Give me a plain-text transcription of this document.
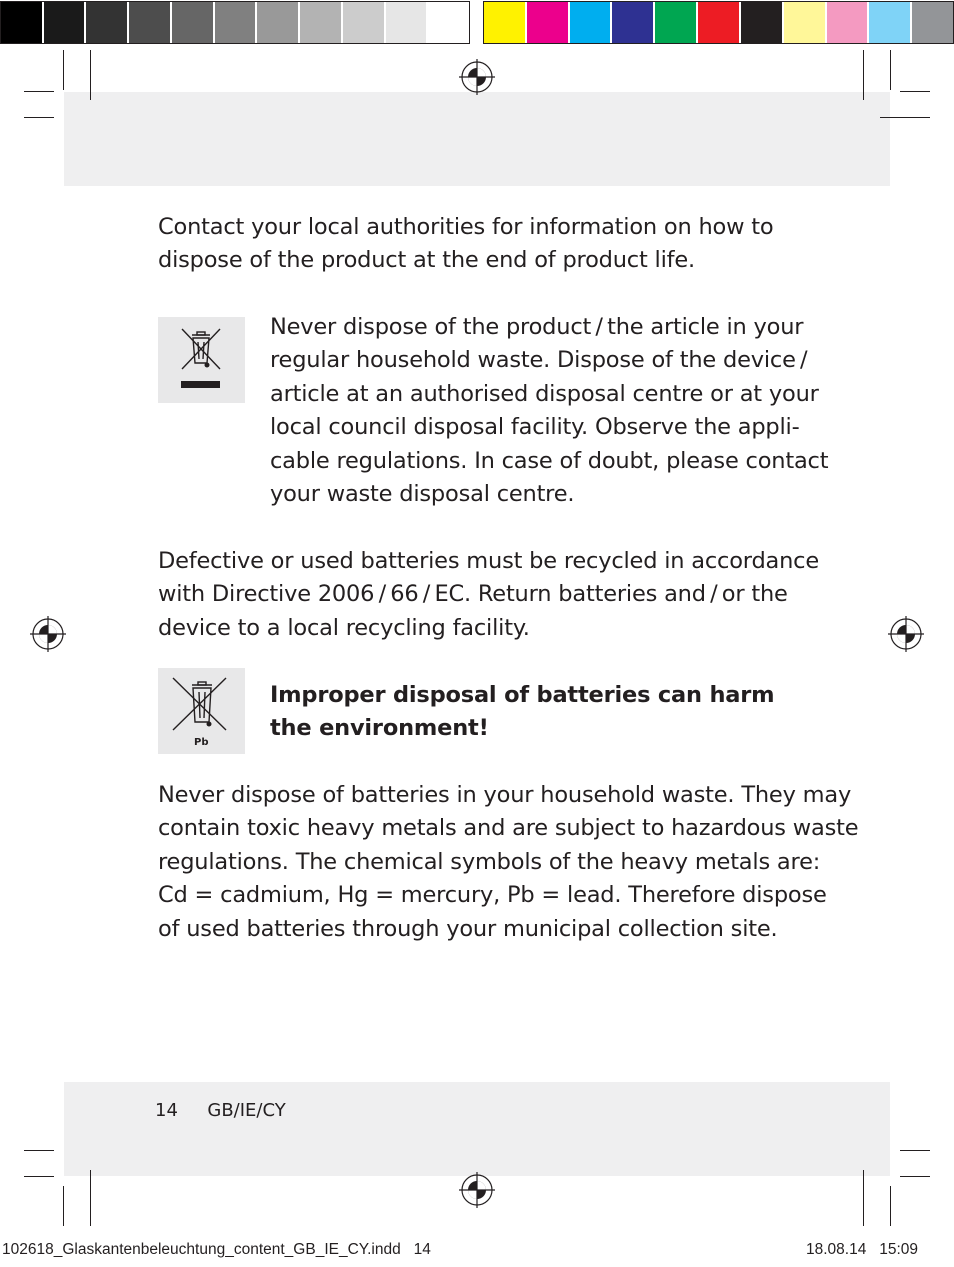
Contact your local authorities for information on how to
dispose of the product at the end of product life.

Never dispose of the product / the article in your
regular household waste. Dispose of the device /
article at an authorised disposal centre or at your
local council disposal facility. Observe the appli-
cable regulations. In case of doubt, please contact
your waste disposal centre.

Defective or used batteries must be recycled in accordance
with Directive 2006 / 66 / EC. Return batteries and / or the
device to a local recycling facility.

Pb

Improper disposal of batteries can harm
the environment!

Never dispose of batteries in your household waste. They may
contain toxic heavy metals and are subject to hazardous waste
regulations. The chemical symbols of the heavy metals are:
Cd = cadmium, Hg = mercury, Pb = lead. Therefore dispose
of used batteries through your municipal collection site.

14 GB/IE/CY
102618_Glaskantenbeleuchtung_content_GB_IE_CY.indd   14	18.08.14   15:09
